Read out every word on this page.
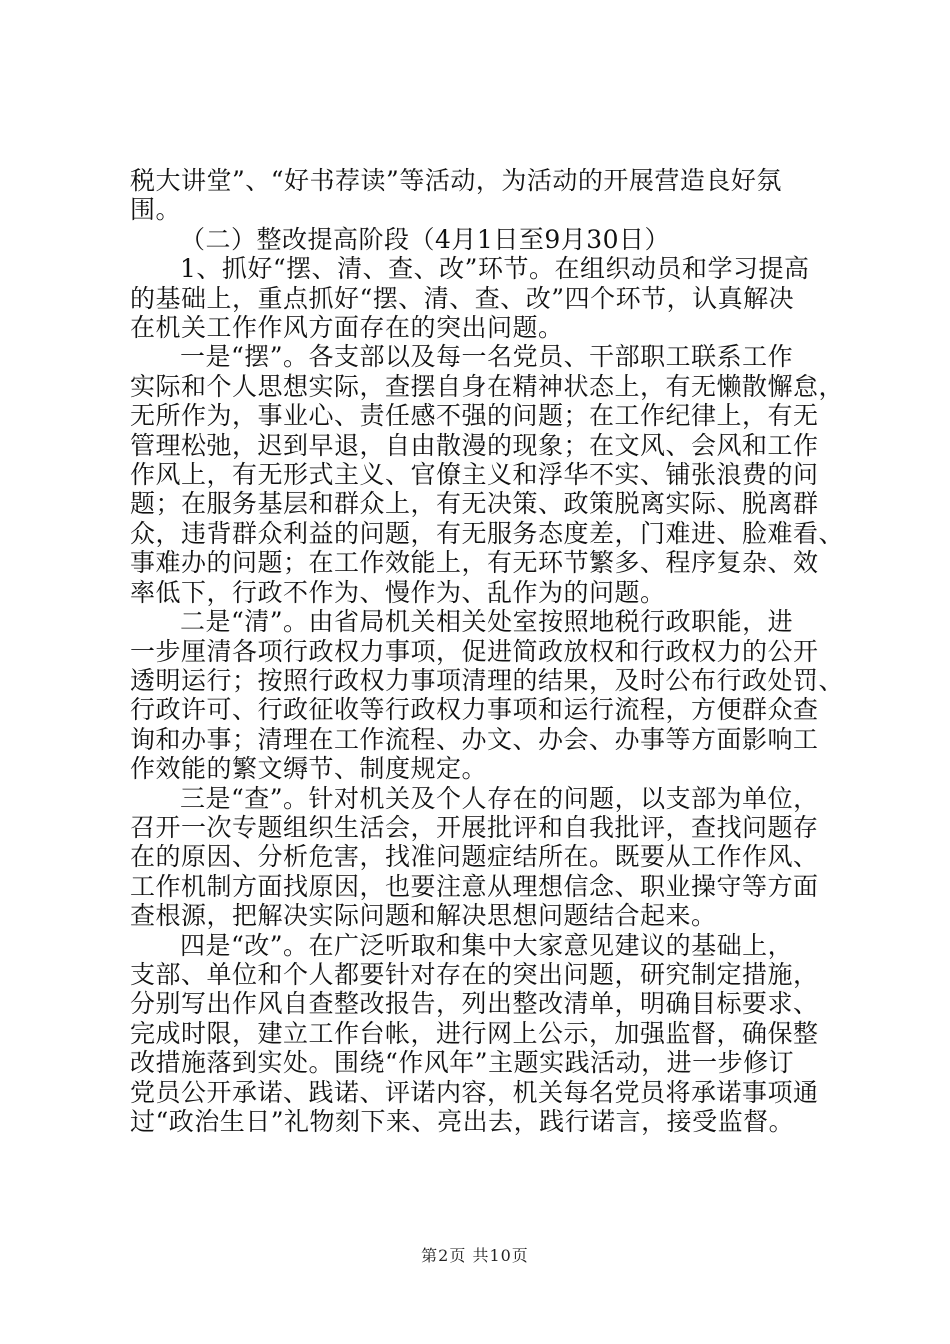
税大讲堂”、“好书荐读”等活动，为活动的开展营造良好氛
围。
（二）整改提高阶段（4月1日至9月30日）
1、抓好“摆、清、查、改”环节。在组织动员和学习提高
的基础上，重点抓好“摆、清、查、改”四个环节，认真解决
在机关工作作风方面存在的突出问题。
一是“摆”。各支部以及每一名党员、干部职工联系工作
实际和个人思想实际，查摆自身在精神状态上，有无懒散懈怠，
无所作为，事业心、责任感不强的问题；在工作纪律上，有无
管理松弛，迟到早退，自由散漫的现象；在文风、会风和工作
作风上，有无形式主义、官僚主义和浮华不实、铺张浪费的问
题；在服务基层和群众上，有无决策、政策脱离实际、脱离群
众，违背群众利益的问题，有无服务态度差，门难进、脸难看、
事难办的问题；在工作效能上，有无环节繁多、程序复杂、效
率低下，行政不作为、慢作为、乱作为的问题。
二是“清”。由省局机关相关处室按照地税行政职能，进
一步厘清各项行政权力事项，促进简政放权和行政权力的公开
透明运行；按照行政权力事项清理的结果，及时公布行政处罚、
行政许可、行政征收等行政权力事项和运行流程，方便群众查
询和办事；清理在工作流程、办文、办会、办事等方面影响工
作效能的繁文缛节、制度规定。
三是“查”。针对机关及个人存在的问题，以支部为单位，
召开一次专题组织生活会，开展批评和自我批评，查找问题存
在的原因、分析危害，找准问题症结所在。既要从工作作风、
工作机制方面找原因，也要注意从理想信念、职业操守等方面
查根源，把解决实际问题和解决思想问题结合起来。
四是“改”。在广泛听取和集中大家意见建议的基础上，
支部、单位和个人都要针对存在的突出问题，研究制定措施，
分别写出作风自查整改报告，列出整改清单，明确目标要求、
完成时限，建立工作台帐，进行网上公示，加强监督，确保整
改措施落到实处。围绕“作风年”主题实践活动，进一步修订
党员公开承诺、践诺、评诺内容，机关每名党员将承诺事项通
过“政治生日”礼物刻下来、亮出去，践行诺言，接受监督。
第2页 共10页
